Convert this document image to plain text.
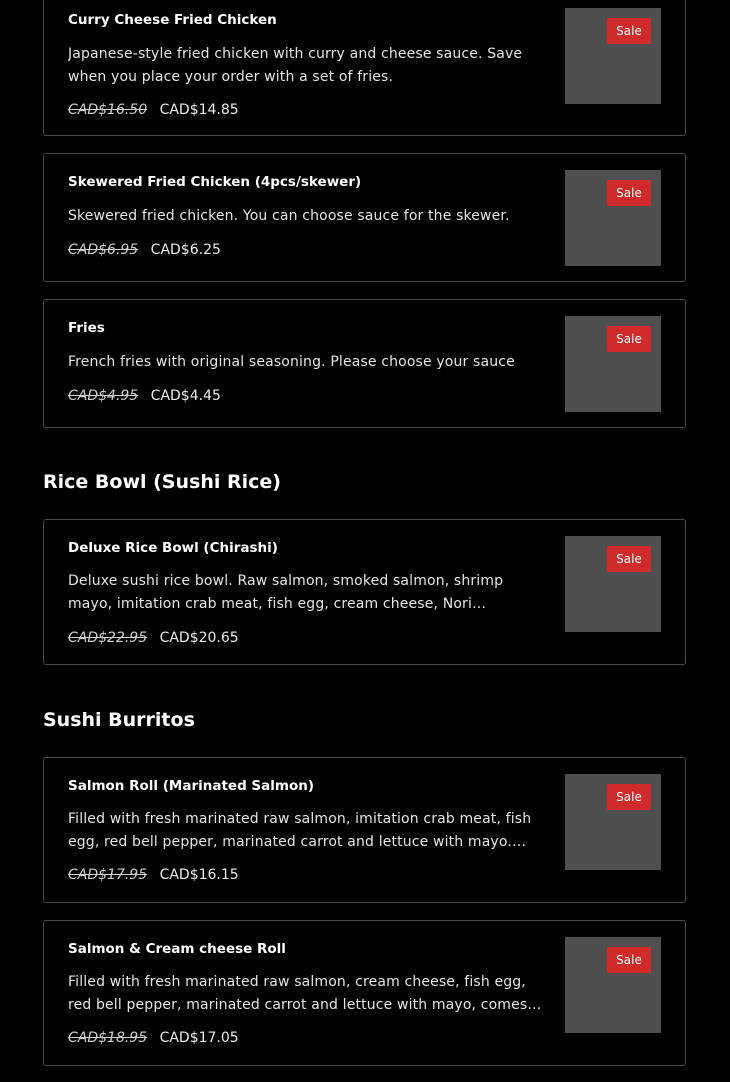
Curry Cheese Fried Chicken
Japanese-style fried chicken with curry and cheese sauce. Save when you place your order with a set of fries.
CAD$16.50 CAD$14.85
Sale
Skewered Fried Chicken (4pcs/skewer)
Skewered fried chicken. You can choose sauce for the skewer.
CAD$6.95 CAD$6.25
Sale
Fries
French fries with original seasoning. Please choose your sauce
CAD$4.95 CAD$4.45
Sale
Rice Bowl (Sushi Rice)
Deluxe Rice Bowl (Chirashi)
Deluxe sushi rice bowl. Raw salmon, smoked salmon, shrimp mayo, imitation crab meat, fish egg, cream cheese, Nori
CAD$22.95 CAD$20.65
Sale
Sushi Burritos
Salmon Roll (Marinated Salmon)
Filled with fresh marinated raw salmon, imitation crab meat, fish egg, red bell pepper, marinated carrot and lettuce with mayo.
CAD$17.95 CAD$16.15
Sale
Salmon & Cream cheese Roll
Filled with fresh marinated raw salmon, cream cheese, fish egg, red bell pepper, marinated carrot and lettuce with mayo, comes
CAD$18.95 CAD$17.05
Sale
